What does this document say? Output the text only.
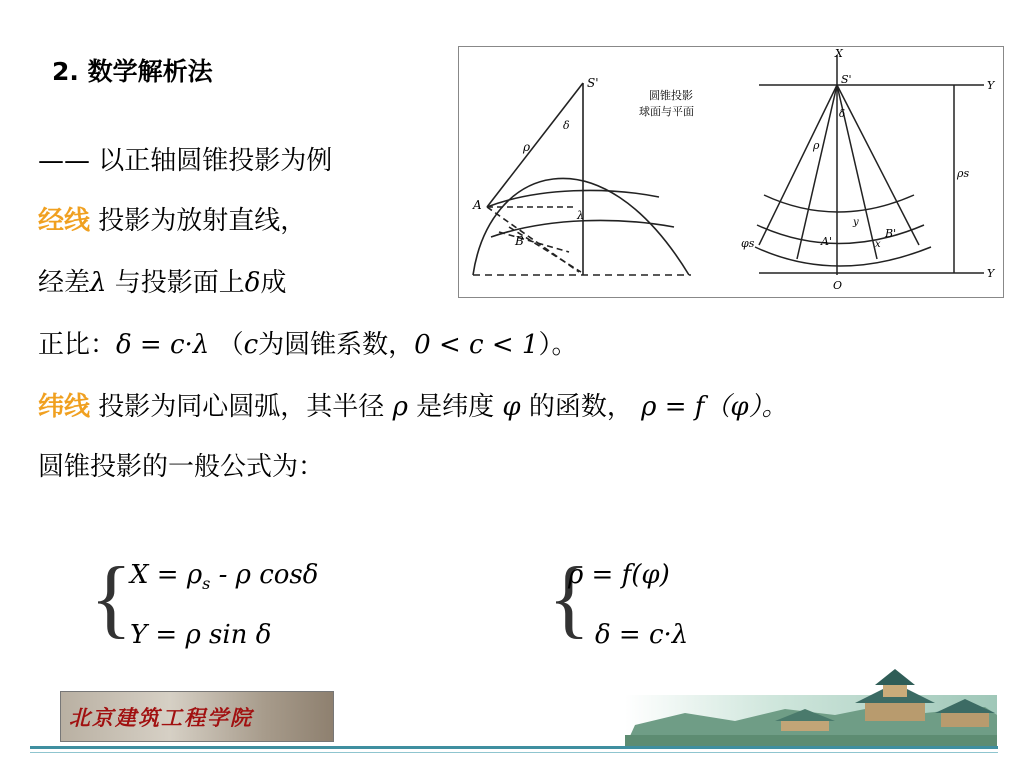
2. 数学解析法	S'
A
B
ρ
δ
λ
圆锥投影
球面与平面
X
S'	Y
Y
ρs
φs	A'
B'
O
δ
ρ
y
x
—— 以正轴圆锥投影为例
经线 投影为放射直线，
经差λ 与投影面上δ成
正比：δ = c·λ （c为圆锥系数，0 < c < 1）。
纬线 投影为同心圆弧，其半径 ρ 是纬度 φ 的函数， ρ = f（φ）。
圆锥投影的一般公式为：
{
$X = \rho_s - \rho$ cosδ
Y = ρ sin δ	{
ρ = f(φ)
δ = c·λ
北京建筑工程学院
